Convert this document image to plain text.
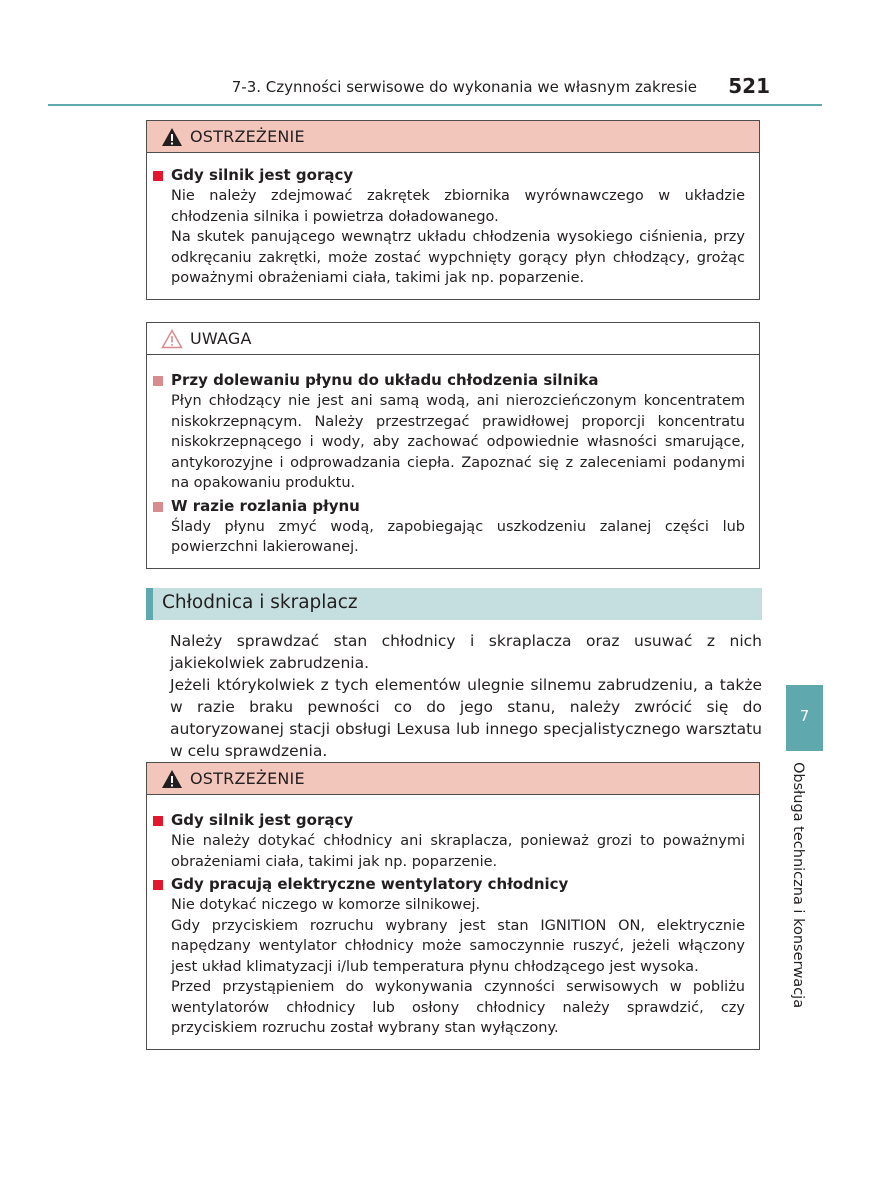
7-3. Czynności serwisowe do wykonania we własnym zakresie 521
OSTRZEŻENIE
Gdy silnik jest gorący
Nie należy zdejmować zakrętek zbiornika wyrównawczego w układzie chłodzenia silnika i powietrza doładowanego.
Na skutek panującego wewnątrz układu chłodzenia wysokiego ciśnienia, przy odkręcaniu zakrętki, może zostać wypchnięty gorący płyn chłodzący, grożąc poważnymi obrażeniami ciała, takimi jak np. poparzenie.
UWAGA
Przy dolewaniu płynu do układu chłodzenia silnika
Płyn chłodzący nie jest ani samą wodą, ani nierozcieńczonym koncentratem niskokrzepnącym. Należy przestrzegać prawidłowej proporcji koncentratu niskokrzepnącego i wody, aby zachować odpowiednie własności smarujące, antykorozyjne i odprowadzania ciepła. Zapoznać się z zaleceniami podanymi na opakowaniu produktu.
W razie rozlania płynu
Ślady płynu zmyć wodą, zapobiegając uszkodzeniu zalanej części lub powierzchni lakierowanej.
Chłodnica i skraplacz
Należy sprawdzać stan chłodnicy i skraplacza oraz usuwać z nich jakiekolwiek zabrudzenia.
Jeżeli którykolwiek z tych elementów ulegnie silnemu zabrudzeniu, a także w razie braku pewności co do jego stanu, należy zwrócić się do autoryzowanej stacji obsługi Lexusa lub innego specjalistycznego warsztatu w celu sprawdzenia.
OSTRZEŻENIE
Gdy silnik jest gorący
Nie należy dotykać chłodnicy ani skraplacza, ponieważ grozi to poważnymi obrażeniami ciała, takimi jak np. poparzenie.
Gdy pracują elektryczne wentylatory chłodnicy
Nie dotykać niczego w komorze silnikowej.
Gdy przyciskiem rozruchu wybrany jest stan IGNITION ON, elektrycznie napędzany wentylator chłodnicy może samoczynnie ruszyć, jeżeli włączony jest układ klimatyzacji i/lub temperatura płynu chłodzącego jest wysoka.
Przed przystąpieniem do wykonywania czynności serwisowych w pobliżu wentylatorów chłodnicy lub osłony chłodnicy należy sprawdzić, czy przyciskiem rozruchu został wybrany stan wyłączony.
7
Obsługa techniczna i konserwacja
